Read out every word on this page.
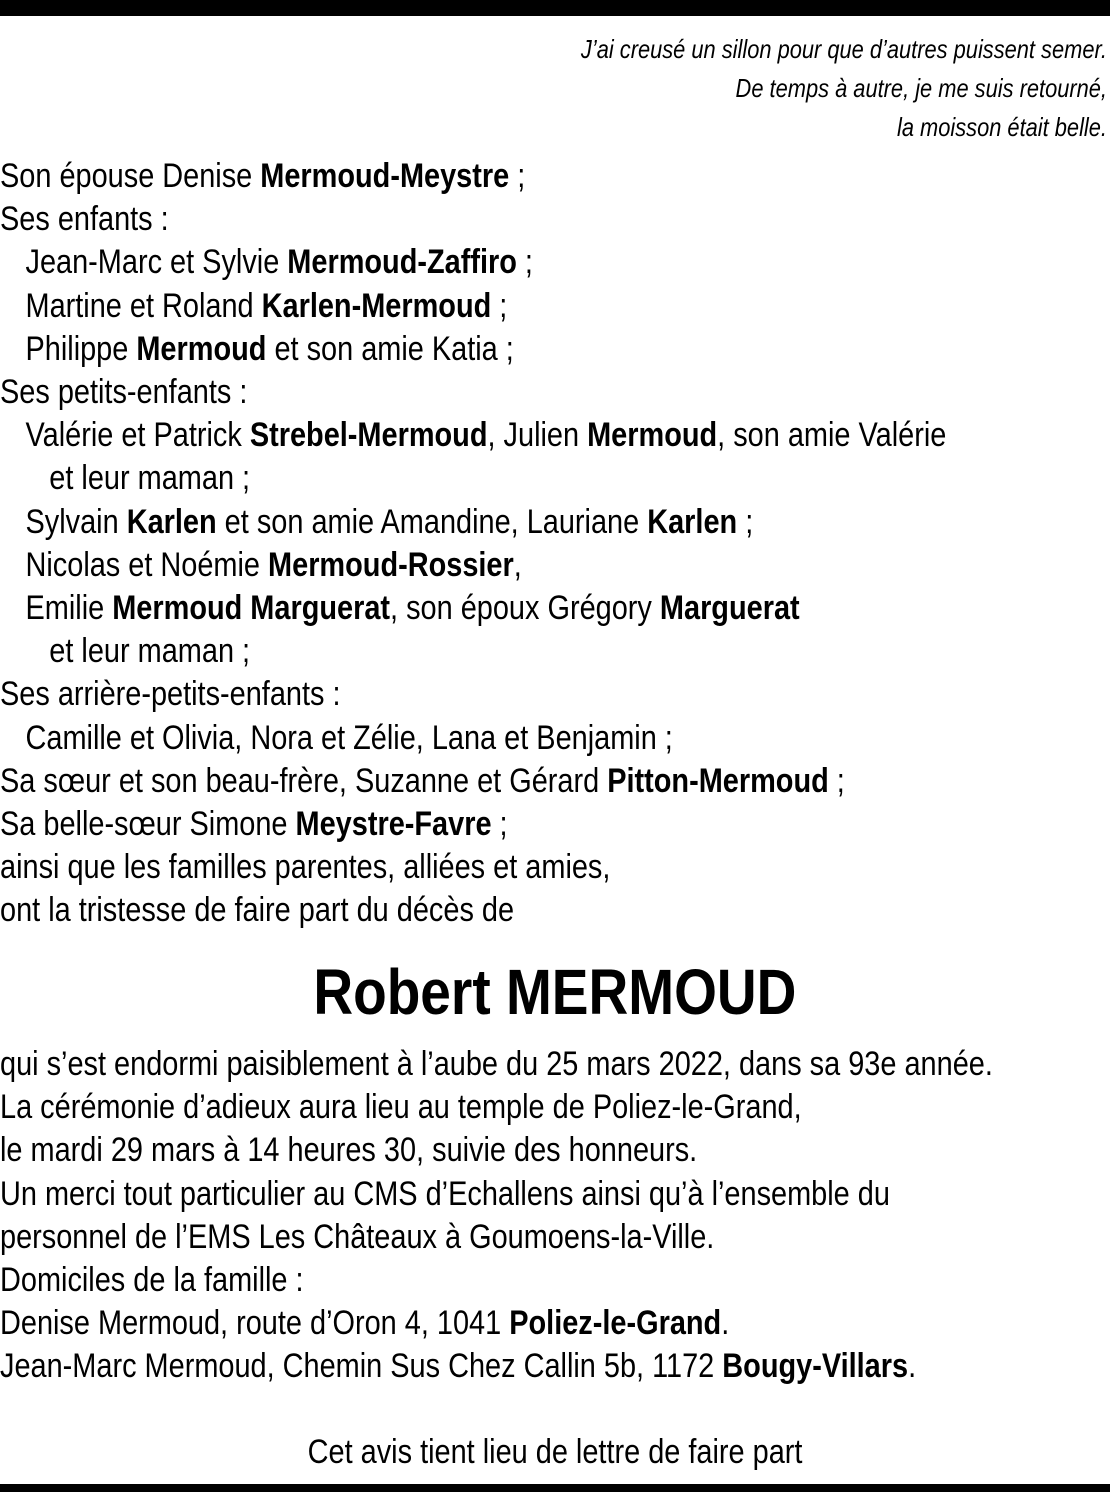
J’ai creusé un sillon pour que d’autres puissent semer.
De temps à autre, je me suis retourné,
la moisson était belle.
Son épouse Denise Mermoud-Meystre ;
Ses enfants :
Jean-Marc et Sylvie Mermoud-Zaffiro ;
Martine et Roland Karlen-Mermoud ;
Philippe Mermoud et son amie Katia ;
Ses petits-enfants :
Valérie et Patrick Strebel-Mermoud, Julien Mermoud, son amie Valérie
et leur maman ;
Sylvain Karlen et son amie Amandine, Lauriane Karlen ;
Nicolas et Noémie Mermoud-Rossier,
Emilie Mermoud Marguerat, son époux Grégory Marguerat
et leur maman ;
Ses arrière-petits-enfants :
Camille et Olivia, Nora et Zélie, Lana et Benjamin ;
Sa sœur et son beau-frère, Suzanne et Gérard Pitton-Mermoud ;
Sa belle-sœur Simone Meystre-Favre ;
ainsi que les familles parentes, alliées et amies,
ont la tristesse de faire part du décès de
Robert MERMOUD
qui s’est endormi paisiblement à l’aube du 25 mars 2022, dans sa 93e année.
La cérémonie d’adieux aura lieu au temple de Poliez-le-Grand,
le mardi 29 mars à 14 heures 30, suivie des honneurs.
Un merci tout particulier au CMS d’Echallens ainsi qu’à l’ensemble du
personnel de l’EMS Les Châteaux à Goumoens-la-Ville.
Domiciles de la famille :
Denise Mermoud, route d’Oron 4, 1041 Poliez-le-Grand.
Jean-Marc Mermoud, Chemin Sus Chez Callin 5b, 1172 Bougy-Villars.
Cet avis tient lieu de lettre de faire part
